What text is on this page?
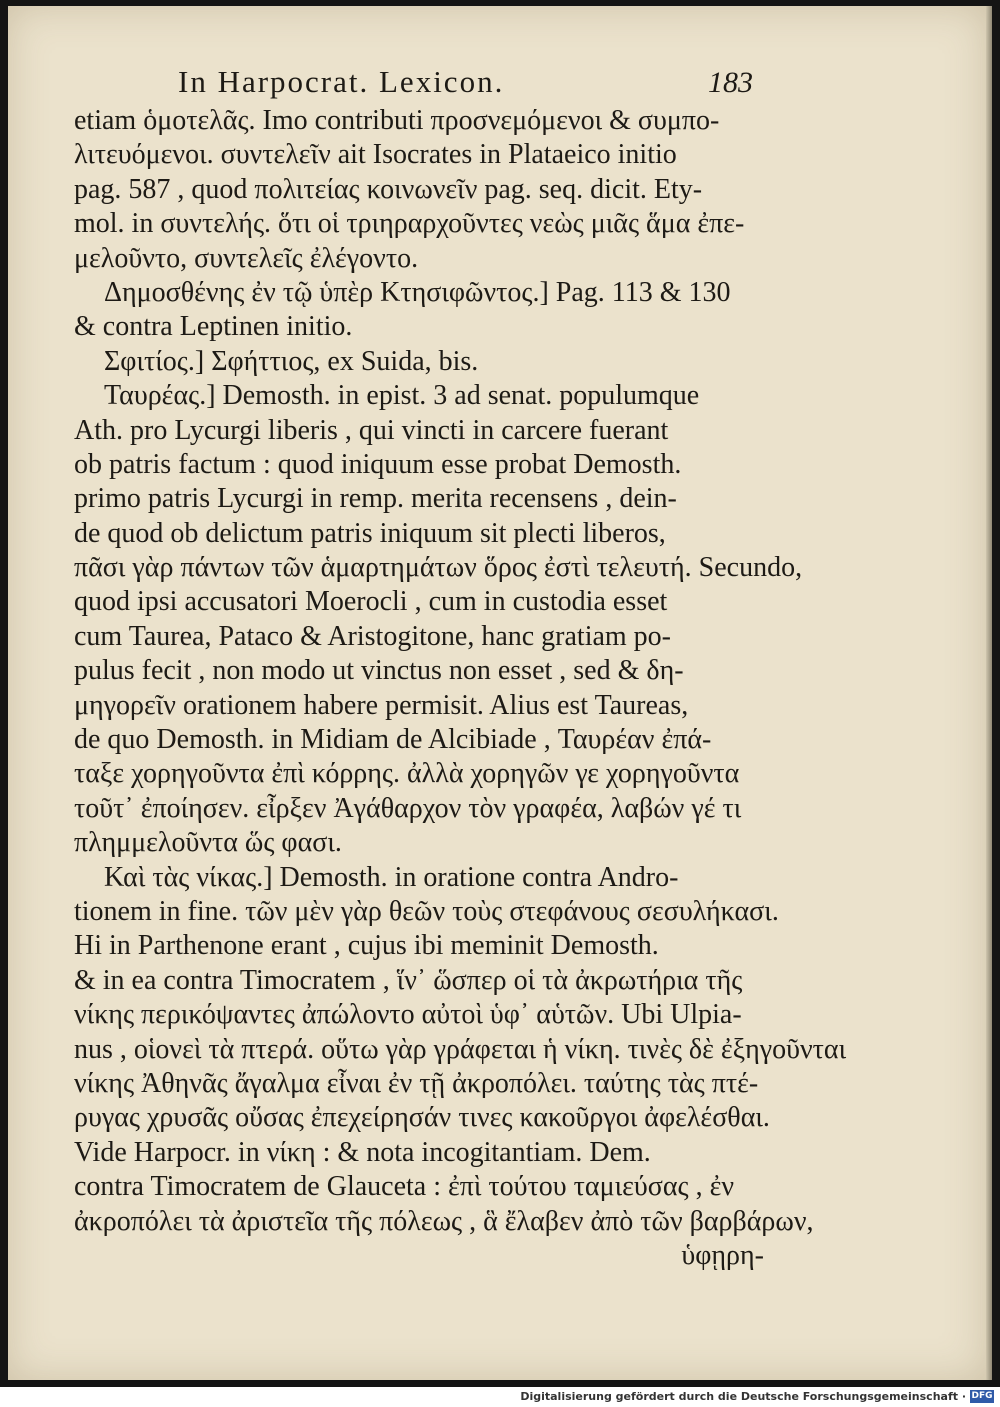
In Harpocrat. Lexicon.	183
etiam ὁμοτελᾶς. Imo contributi προσνεμόμενοι & συμπο-
λιτευόμενοι. συντελεῖν ait Isocrates in Plataeico initio
pag. 587 , quod πολιτείας κοινωνεῖν pag. seq. dicit. Ety-
mol. in συντελής. ὅτι οἱ τριηραρχοῦντες νεὼς μιᾶς ἅμα ἐπε-
μελοῦντο, συντελεῖς ἐλέγοντο.
Δημοσθένης ἐν τῷ ὑπὲρ Κτησιφῶντος.] Pag. 113 & 130
& contra Leptinen initio.
Σφιτίος.] Σφήττιος, ex Suida, bis.
Ταυρέας.] Demosth. in epist. 3 ad senat. populumque
Ath. pro Lycurgi liberis , qui vincti in carcere fuerant
ob patris factum : quod iniquum esse probat Demosth.
primo patris Lycurgi in remp. merita recensens , dein-
de quod ob delictum patris iniquum sit plecti liberos,
πᾶσι γὰρ πάντων τῶν ἁμαρτημάτων ὅρος ἐστὶ τελευτή. Secundo,
quod ipsi accusatori Moerocli , cum in custodia esset
cum Taurea, Pataco & Aristogitone, hanc gratiam po-
pulus fecit , non modo ut vinctus non esset , sed & δη-
μηγορεῖν orationem habere permisit. Alius est Taureas,
de quo Demosth. in Midiam de Alcibiade , Ταυρέαν ἐπά-
ταξε χορηγοῦντα ἐπὶ κόρρης. ἀλλὰ χορηγῶν γε χορηγοῦντα
τοῦτ᾽ ἐποίησεν. εἶρξεν Ἀγάθαρχον τὸν γραφέα, λαβών γέ τι
πλημμελοῦντα ὥς φασι.
Καὶ τὰς νίκας.] Demosth. in oratione contra Andro-
tionem in fine. τῶν μὲν γὰρ θεῶν τοὺς στεφάνους σεσυλήκασι.
Hi in Parthenone erant , cujus ibi meminit Demosth.
& in ea contra Timocratem , ἵν᾽ ὥσπερ οἱ τὰ ἀκρωτήρια τῆς
νίκης περικόψαντες ἀπώλοντο αὐτοὶ ὑφ᾽ αὑτῶν. Ubi Ulpia-
nus , οἱονεὶ τὰ πτερά. οὕτω γὰρ γράφεται ἡ νίκη. τινὲς δὲ ἐξηγοῦνται
νίκης Ἀθηνᾶς ἄγαλμα εἶναι ἐν τῇ ἀκροπόλει. ταύτης τὰς πτέ-
ρυγας χρυσᾶς οὔσας ἐπεχείρησάν τινες κακοῦργοι ἀφελέσθαι.
Vide Harpocr. in νίκη : & nota incogitantiam. Dem.
contra Timocratem de Glauceta : ἐπὶ τούτου ταμιεύσας , ἐν
ἀκροπόλει τὰ ἀριστεῖα τῆς πόλεως , ἃ ἔλαβεν ἀπὸ τῶν βαρβάρων,
ὑφῃρη-
Digitalisierung gefördert durch die Deutsche Forschungsgemeinschaft · DFG
